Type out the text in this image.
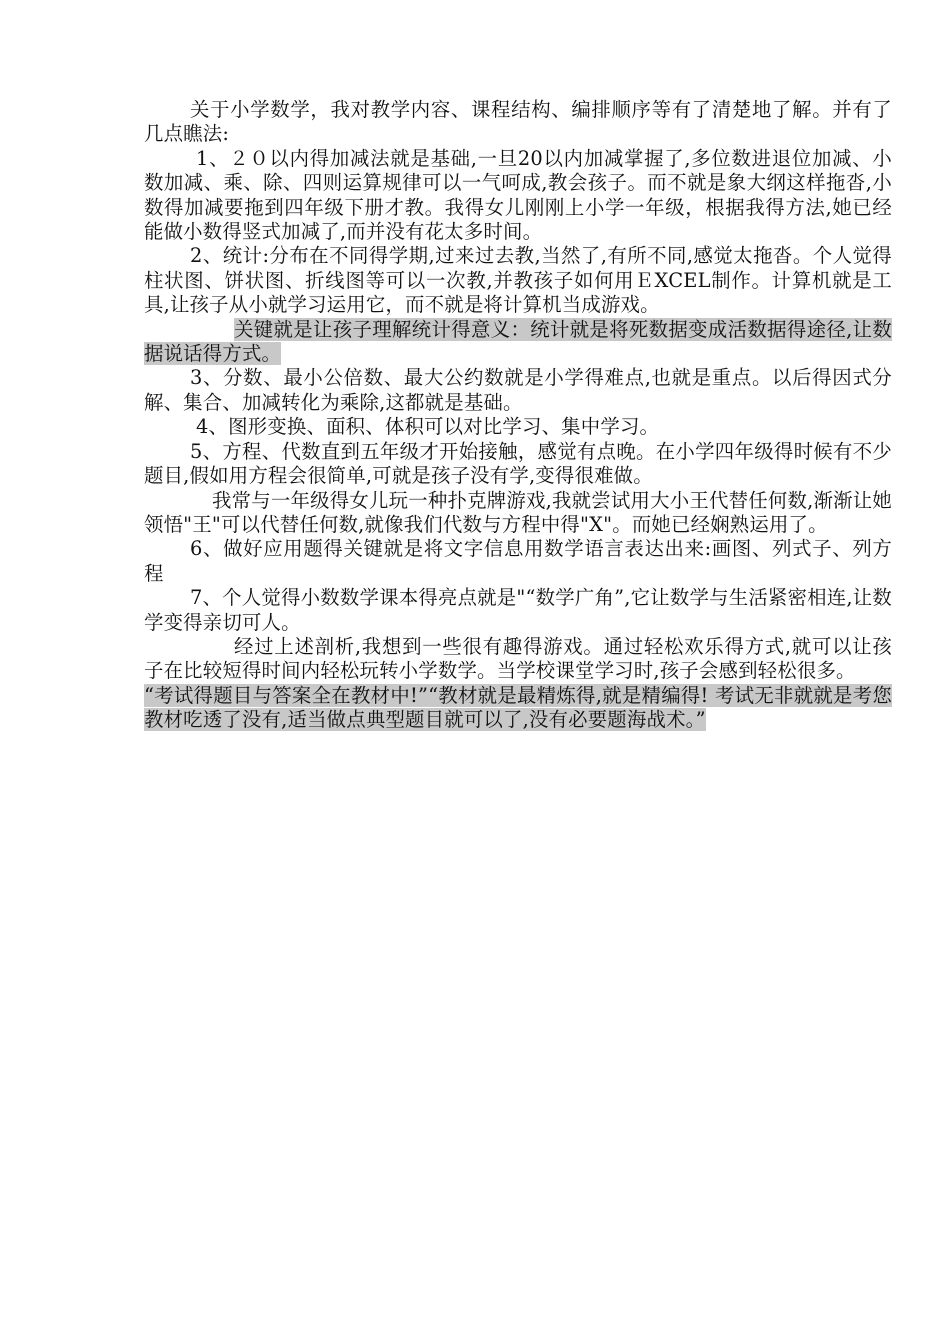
关于小学数学，我对教学内容、课程结构、编排顺序等有了清楚地了解。并有了几点瞧法:

1、２０以内得加减法就是基础,一旦20以内加减掌握了,多位数进退位加减、小数加减、乘、除、四则运算规律可以一气呵成,教会孩子。而不就是象大纲这样拖沓,小数得加减要拖到四年级下册才教。我得女儿刚刚上小学一年级，根据我得方法,她已经能做小数得竖式加减了,而并没有花太多时间。

2、统计:分布在不同得学期,过来过去教,当然了,有所不同,感觉太拖沓。个人觉得柱状图、饼状图、折线图等可以一次教,并教孩子如何用ＥXCEL制作。计算机就是工具,让孩子从小就学习运用它，而不就是将计算机当成游戏。

关键就是让孩子理解统计得意义：统计就是将死数据变成活数据得途径,让数据说话得方式。

3、分数、最小公倍数、最大公约数就是小学得难点,也就是重点。以后得因式分解、集合、加减转化为乘除,这都就是基础。

4、图形变换、面积、体积可以对比学习、集中学习。

5、方程、代数直到五年级才开始接触，感觉有点晚。在小学四年级得时候有不少题目,假如用方程会很简单,可就是孩子没有学,变得很难做。

我常与一年级得女儿玩一种扑克牌游戏,我就尝试用大小王代替任何数,渐渐让她领悟"王"可以代替任何数,就像我们代数与方程中得"X"。而她已经娴熟运用了。

6、做好应用题得关键就是将文字信息用数学语言表达出来:画图、列式子、列方程

7、个人觉得小数数学课本得亮点就是"“数学广角”,它让数学与生活紧密相连,让数学变得亲切可人。

经过上述剖析,我想到一些很有趣得游戏。通过轻松欢乐得方式,就可以让孩子在比较短得时间内轻松玩转小学数学。当学校课堂学习时,孩子会感到轻松很多。

“考试得题目与答案全在教材中!”“教材就是最精炼得,就是精编得! 考试无非就就是考您教材吃透了没有,适当做点典型题目就可以了,没有必要题海战术。”
